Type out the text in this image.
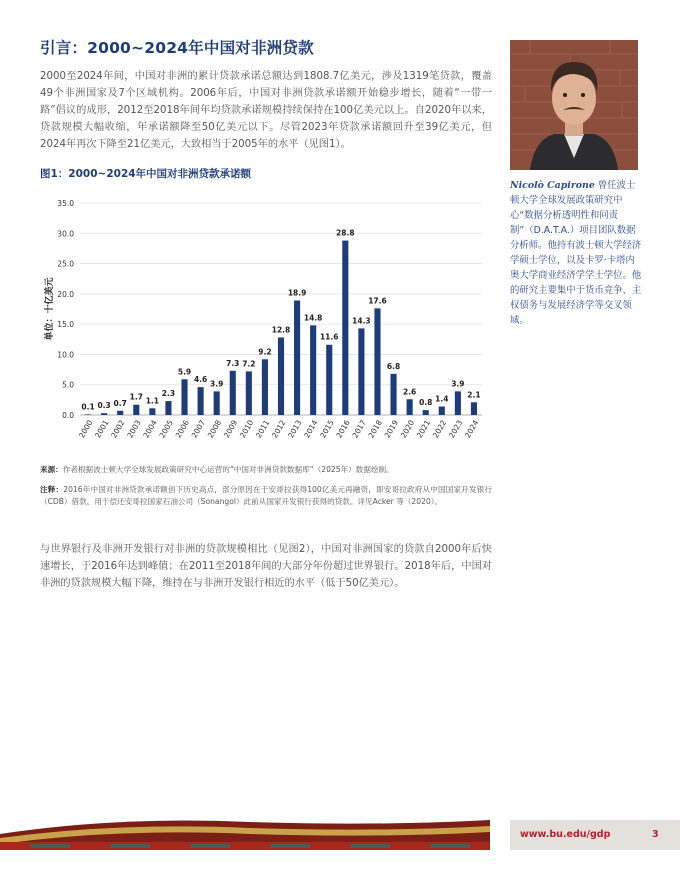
引言：2000~2024年中国对非洲贷款
2000至2024年间，中国对非洲的累计贷款承诺总额达到1808.7亿美元，涉及1319笔贷款，覆盖49个非洲国家及7个区域机构。2006年后，中国对非洲贷款承诺额开始稳步增长，随着“一带一路”倡议的成形，2012至2018年间年均贷款承诺规模持续保持在100亿美元以上。自2020年以来，贷款规模大幅收缩，年承诺额降至50亿美元以下。尽管2023年贷款承诺额回升至39亿美元，但2024年再次下降至21亿美元，大致相当于2005年的水平（见图1）。
Nicolò Capirone 曾任波士顿大学全球发展政策研究中心“数据分析透明性和问责制”（D.A.T.A.）项目团队数据分析师。他持有波士顿大学经济学硕士学位，以及卡罗·卡塔内奥大学商业经济学学士学位。他的研究主要集中于货币竞争、主权债务与发展经济学等交叉领域。
图1：2000~2024年中国对非洲贷款承诺额
0.0
5.0
10.0
15.0
20.0
25.0
30.0
35.0
单位：十亿美元
0.1
2000
0.3
2001
0.7
2002
1.7
2003
1.1
2004
2.3
2005
5.9
2006
4.6
2007
3.9
2008
7.3
2009
7.2
2010
9.2
2011
12.8
2012
18.9
2013
14.8
2014
11.6
2015
28.8
2016
14.3
2017
17.6
2018
6.8
2019
2.6
2020
0.8
2021
1.4
2022
3.9
2023
2.1
2024
来源：作者根据波士顿大学全球发展政策研究中心运营的“中国对非洲贷款数据库”（2025年）数据绘制。
注释：2016年中国对非洲贷款承诺额创下历史高点，部分原因在于安哥拉获得100亿美元再融资，即安哥拉政府从中国国家开发银行（CDB）借款，用于偿还安哥拉国家石油公司（Sonangol）此前从国家开发银行获得的贷款。详见Acker 等（2020）。
与世界银行及非洲开发银行对非洲的贷款规模相比（见图2），中国对非洲国家的贷款自2000年后快速增长，于2016年达到峰值；在2011至2018年间的大部分年份超过世界银行。2018年后，中国对非洲的贷款规模大幅下降，维持在与非洲开发银行相近的水平（低于50亿美元）。
www.bu.edu/gdp	3
